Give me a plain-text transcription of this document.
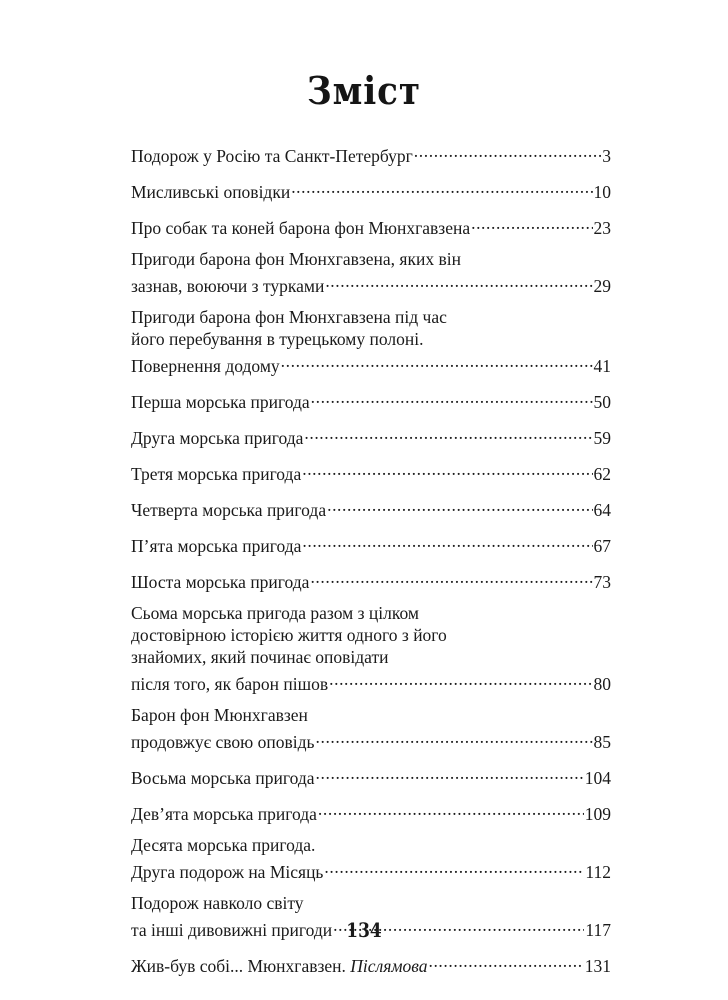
Зміст
Подорож у Росію та Санкт-Петербург .....	3
Мисливські оповідки .....	10
Про собак та коней барона фон Мюнхгавзена .....	23
Пригоди барона фон Мюнхгавзена, яких він
зазнав, воюючи з турками .....	29
Пригоди барона фон Мюнхгавзена під час
його перебування в турецькому полоні.
Повернення додому .....	41
Перша морська пригода .....	50
Друга морська пригода .....	59
Третя морська пригода .....	62
Четверта морська пригода .....	64
П’ята морська пригода .....	67
Шоста морська пригода .....	73
Сьома морська пригода разом з цілком
достовірною історією життя одного з його
знайомих, який починає оповідати
після того, як барон пішов .....	80
Барон фон Мюнхгавзен
продовжує свою оповідь .....	85
Восьма морська пригода .....	104
Дев’ята морська пригода .....	109
Десята морська пригода.
Друга подорож на Місяць .....	112
Подорож навколо світу
та інші дивовижні пригоди .....	117
Жив-був собі... Мюнхгавзен.
Післямова .....	131
134
